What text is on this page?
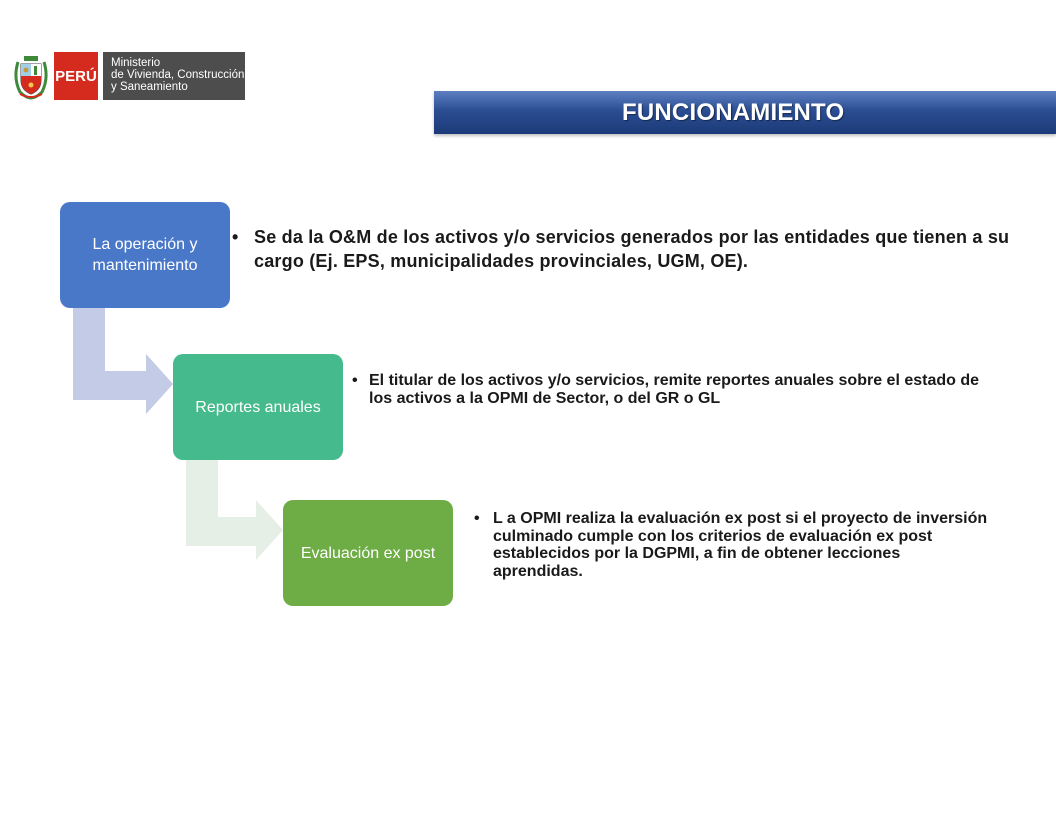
PERÚ
Ministerio
de Vivienda, Construcción
y Saneamiento
FUNCIONAMIENTO
La operación y mantenimiento
Reportes anuales
Evaluación ex post
• Se da la O&M de los activos y/o servicios generados por las entidades que tienen a su cargo (Ej. EPS, municipalidades provinciales, UGM, OE).
• El titular de los activos y/o servicios, remite reportes anuales sobre el estado de los activos a la OPMI de Sector, o del GR o GL
• L a OPMI realiza la evaluación ex post si el proyecto de inversión culminado cumple con los criterios de evaluación ex post establecidos por la DGPMI, a fin de obtener lecciones aprendidas.
